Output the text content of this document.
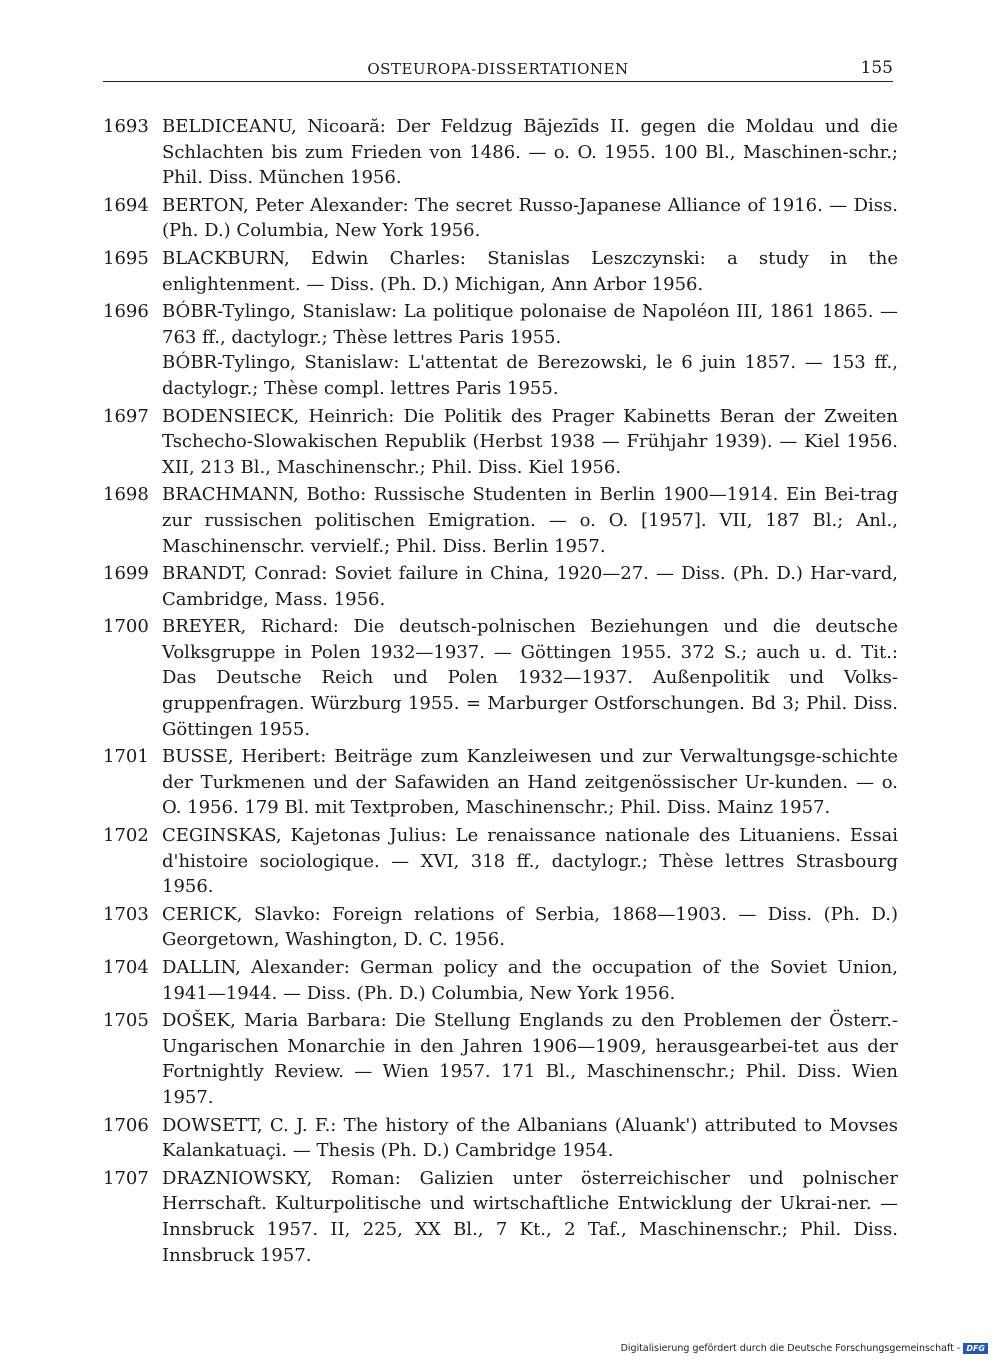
OSTEUROPA-DISSERTATIONEN	155
1693 BELDICEANU, Nicoară: Der Feldzug Bājezīds II. gegen die Moldau und die Schlachten bis zum Frieden von 1486. — o. O. 1955. 100 Bl., Maschinen-schr.; Phil. Diss. München 1956.
1694 BERTON, Peter Alexander: The secret Russo-Japanese Alliance of 1916. — Diss. (Ph. D.) Columbia, New York 1956.
1695 BLACKBURN, Edwin Charles: Stanislas Leszczynski: a study in the enlightenment. — Diss. (Ph. D.) Michigan, Ann Arbor 1956.
1696 BÓBR-Tylingo, Stanislaw: La politique polonaise de Napoléon III, 1861 1865. — 763 ff., dactylogr.; Thèse lettres Paris 1955.
BÓBR-Tylingo, Stanislaw: L'attentat de Berezowski, le 6 juin 1857. — 153 ff., dactylogr.; Thèse compl. lettres Paris 1955.
1697 BODENSIECK, Heinrich: Die Politik des Prager Kabinetts Beran der Zweiten Tschecho-Slowakischen Republik (Herbst 1938 — Frühjahr 1939). — Kiel 1956. XII, 213 Bl., Maschinenschr.; Phil. Diss. Kiel 1956.
1698 BRACHMANN, Botho: Russische Studenten in Berlin 1900—1914. Ein Bei-trag zur russischen politischen Emigration. — o. O. [1957]. VII, 187 Bl.; Anl., Maschinenschr. vervielf.; Phil. Diss. Berlin 1957.
1699 BRANDT, Conrad: Soviet failure in China, 1920—27. — Diss. (Ph. D.) Har-vard, Cambridge, Mass. 1956.
1700 BREYER, Richard: Die deutsch-polnischen Beziehungen und die deutsche Volksgruppe in Polen 1932—1937. — Göttingen 1955. 372 S.; auch u. d. Tit.: Das Deutsche Reich und Polen 1932—1937. Außenpolitik und Volks-gruppenfragen. Würzburg 1955. = Marburger Ostforschungen. Bd 3; Phil. Diss. Göttingen 1955.
1701 BUSSE, Heribert: Beiträge zum Kanzleiwesen und zur Verwaltungsge-schichte der Turkmenen und der Safawiden an Hand zeitgenössischer Ur-kunden. — o. O. 1956. 179 Bl. mit Textproben, Maschinenschr.; Phil. Diss. Mainz 1957.
1702 CEGINSKAS, Kajetonas Julius: Le renaissance nationale des Lituaniens. Essai d'histoire sociologique. — XVI, 318 ff., dactylogr.; Thèse lettres Strasbourg 1956.
1703 CERICK, Slavko: Foreign relations of Serbia, 1868—1903. — Diss. (Ph. D.) Georgetown, Washington, D. C. 1956.
1704 DALLIN, Alexander: German policy and the occupation of the Soviet Union, 1941—1944. — Diss. (Ph. D.) Columbia, New York 1956.
1705 DOŠEK, Maria Barbara: Die Stellung Englands zu den Problemen der Österr.-Ungarischen Monarchie in den Jahren 1906—1909, herausgearbei-tet aus der Fortnightly Review. — Wien 1957. 171 Bl., Maschinenschr.; Phil. Diss. Wien 1957.
1706 DOWSETT, C. J. F.: The history of the Albanians (Aluank') attributed to Movses Kalankatuaçi. — Thesis (Ph. D.) Cambridge 1954.
1707 DRAZNIOWSKY, Roman: Galizien unter österreichischer und polnischer Herrschaft. Kulturpolitische und wirtschaftliche Entwicklung der Ukrai-ner. — Innsbruck 1957. II, 225, XX Bl., 7 Kt., 2 Taf., Maschinenschr.; Phil. Diss. Innsbruck 1957.
Digitalisierung gefördert durch die Deutsche Forschungsgemeinschaft - DFG
